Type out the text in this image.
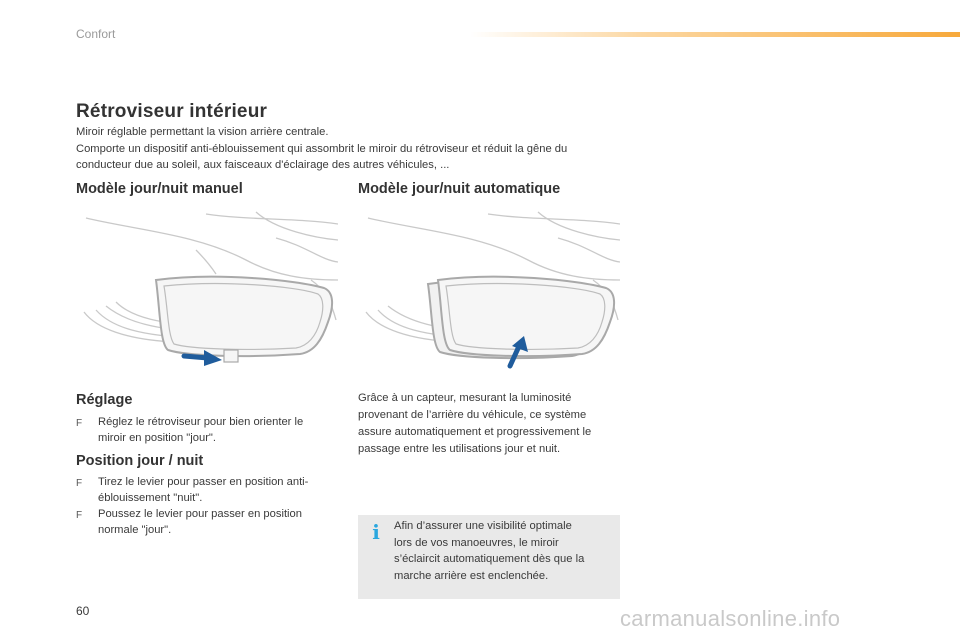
Confort
Rétroviseur intérieur
Miroir réglable permettant la vision arrière centrale.
Comporte un dispositif anti-éblouissement qui assombrit le miroir du rétroviseur et réduit la gêne du
conducteur due au soleil, aux faisceaux d'éclairage des autres véhicules, ...
Modèle jour/nuit manuel	Modèle jour/nuit automatique
Réglage
F Réglez le rétroviseur pour bien orienter le
miroir en position "jour".
Position jour / nuit
F Tirez le levier pour passer en position anti-
éblouissement "nuit".
F Poussez le levier pour passer en position
normale "jour".
Grâce à un capteur, mesurant la luminosité
provenant de l’arrière du véhicule, ce système
assure automatiquement et progressivement le
passage entre les utilisations jour et nuit.
i Afin d’assurer une visibilité optimale
lors de vos manoeuvres, le miroir
s’éclaircit automatiquement dès que la
marche arrière est enclenchée.
60	carmanualsonline.info
